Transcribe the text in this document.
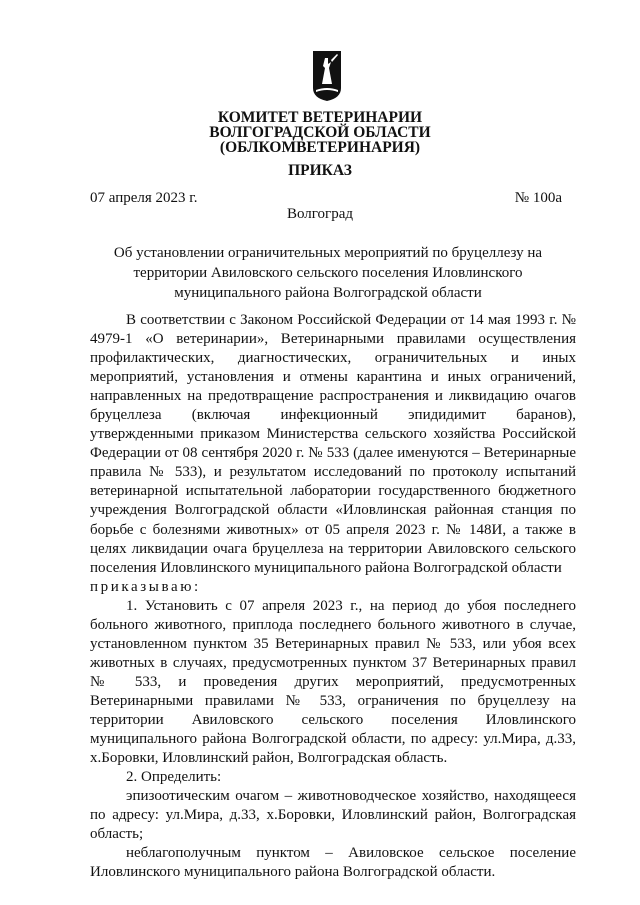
КОМИТЕТ ВЕТЕРИНАРИИ
ВОЛГОГРАДСКОЙ ОБЛАСТИ
(ОБЛКОМВЕТЕРИНАРИЯ)
ПРИКАЗ
07 апреля 2023 г.	№ 100а
Волгоград
Об установлении ограничительных мероприятий по бруцеллезу на территории Авиловского сельского поселения Иловлинского муниципального района Волгоградской области

В соответствии с Законом Российской Федерации от 14 мая 1993 г. № 4979-1 «О ветеринарии», Ветеринарными правилами осуществления профилактических, диагностических, ограничительных и иных мероприятий, установления и отмены карантина и иных ограничений, направленных на предотвращение распространения и ликвидацию очагов бруцеллеза (включая инфекционный эпидидимит баранов), утвержденными приказом Министерства сельского хозяйства Российской Федерации от 08 сентября 2020 г. № 533 (далее именуются – Ветеринарные правила № 533), и результатом исследований по протоколу испытаний ветеринарной испытательной лаборатории государственного бюджетного учреждения Волгоградской области «Иловлинская районная станция по борьбе с болезнями животных» от 05 апреля 2023 г. № 148И, а также в целях ликвидации очага бруцеллеза на территории Авиловского сельского поселения Иловлинского муниципального района Волгоградской области

приказываю:

1. Установить с 07 апреля 2023 г., на период до убоя последнего больного животного, приплода последнего больного животного в случае, установленном пунктом 35 Ветеринарных правил № 533, или убоя всех животных в случаях, предусмотренных пунктом 37 Ветеринарных правил № 533, и проведения других мероприятий, предусмотренных Ветеринарными правилами № 533, ограничения по бруцеллезу на территории Авиловского сельского поселения Иловлинского муниципального района Волгоградской области, по адресу: ул.Мира, д.33, х.Боровки, Иловлинский район, Волгоградская область.

2. Определить:

эпизоотическим очагом – животноводческое хозяйство, находящееся по адресу: ул.Мира, д.33, х.Боровки, Иловлинский район, Волгоградская область;

неблагополучным пунктом – Авиловское сельское поселение Иловлинского муниципального района Волгоградской области.
